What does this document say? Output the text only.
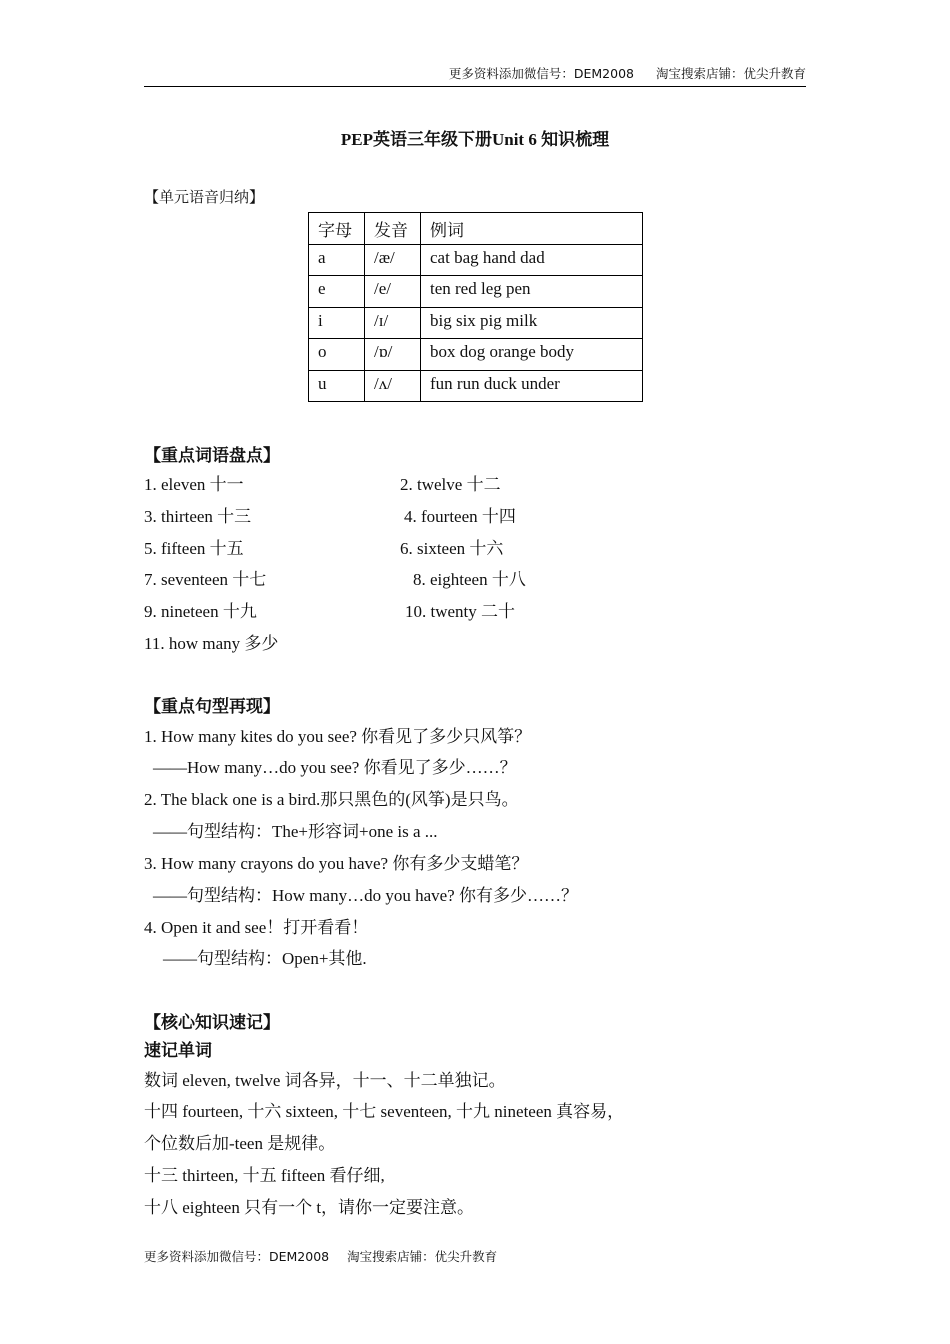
更多资料添加微信号：DEM2008 淘宝搜索店铺：优尖升教育
PEP英语三年级下册Unit 6 知识梳理
【单元语音归纳】
字母	发音	例词
a	/æ/	cat bag hand dad
e	/e/	ten red leg pen
i	/ɪ/	big six pig milk
o	/ɒ/	box dog orange body
u	/ʌ/	fun run duck under
【重点词语盘点】
1. eleven 十一	2. twelve 十二
3. thirteen 十三	4. fourteen 十四
5. fifteen 十五	6. sixteen 十六
7. seventeen 十七	8. eighteen 十八
9. nineteen 十九	10. twenty 二十
11. how many 多少
【重点句型再现】
1. How many kites do you see? 你看见了多少只风筝？
——How many…do you see? 你看见了多少……？
2. The black one is a bird.那只黑色的(风筝)是只鸟。
——句型结构：The+形容词+one is a ...
3. How many crayons do you have? 你有多少支蜡笔？
——句型结构：How many…do you have? 你有多少……？
4. Open it and see！打开看看！
——句型结构：Open+其他.
【核心知识速记】
速记单词
数词 eleven, twelve 词各异，十一、十二单独记。
十四 fourteen, 十六 sixteen, 十七 seventeen, 十九 nineteen 真容易，
个位数后加-teen 是规律。
十三 thirteen, 十五 fifteen 看仔细,
十八 eighteen 只有一个 t，请你一定要注意。
更多资料添加微信号：DEM2008 淘宝搜索店铺：优尖升教育
